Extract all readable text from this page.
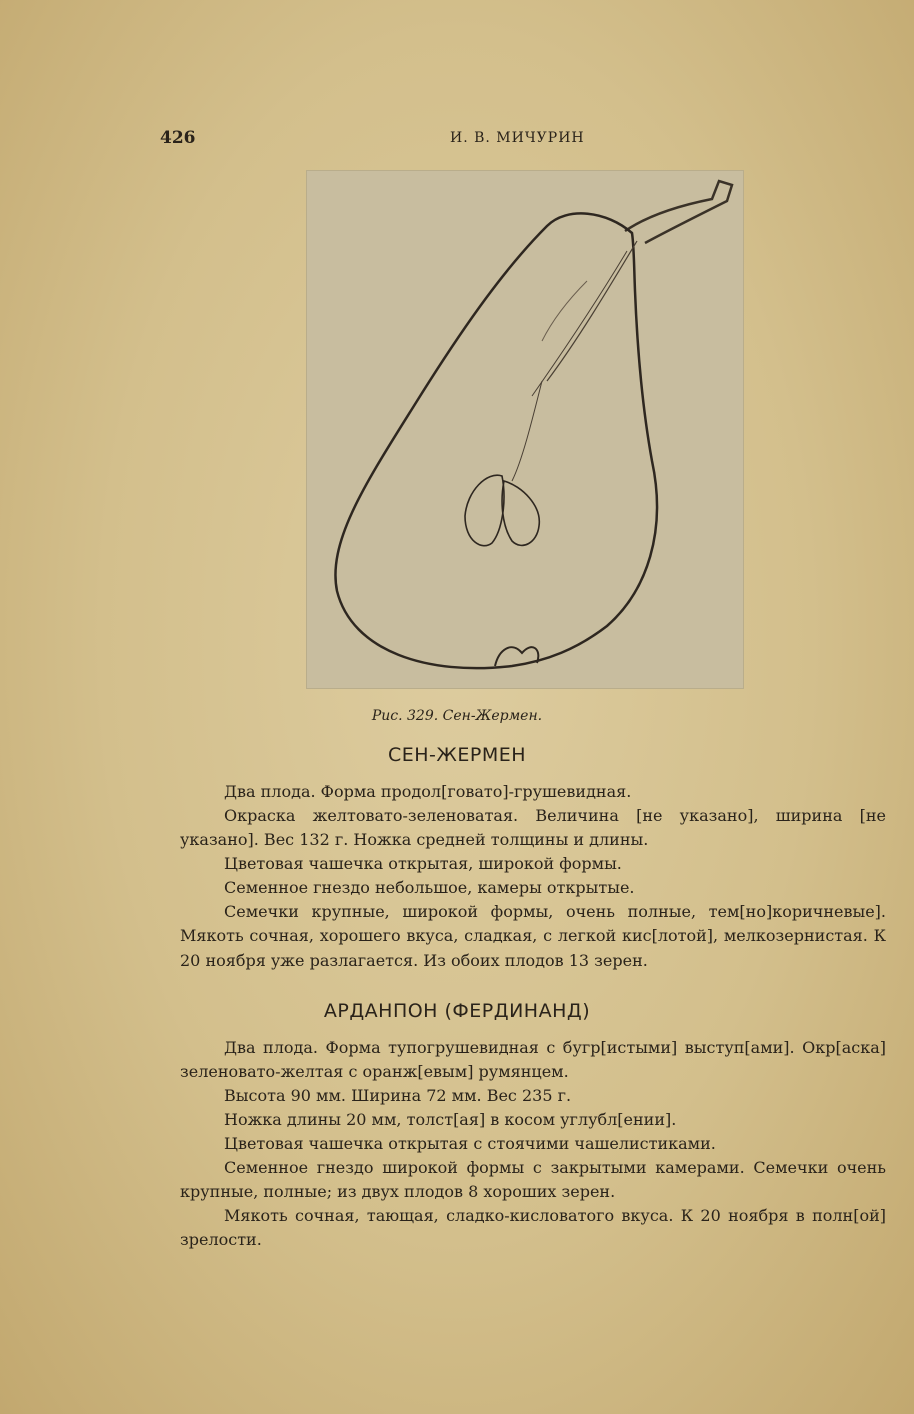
426	И. В. МИЧУРИН
Рис. 329. Сен-Жермен.
СЕН-ЖЕРМЕН

Два плода. Форма продол[говато]-грушевидная.

Окраска желтовато-зеленоватая. Величина [не указано], ширина [не указано]. Вес 132 г. Ножка средней толщины и длины.

Цветовая чашечка открытая, широкой формы.

Семенное гнездо небольшое, камеры открытые.

Семечки крупные, широкой формы, очень полные, тем[но]коричневые]. Мякоть сочная, хорошего вкуса, сладкая, с легкой кис[лотой], мелкозернистая. К 20 ноября уже разлагается. Из обоих плодов 13 зерен.

АРДАНПОН (ФЕРДИНАНД)

Два плода. Форма тупогрушевидная с бугр[истыми] выступ[ами]. Окр[аска] зеленовато-желтая с оранж[евым] румянцем.

Высота 90 мм. Ширина 72 мм. Вес 235 г.

Ножка длины 20 мм, толст[ая] в косом углубл[ении].

Цветовая чашечка открытая с стоячими чашелистиками.

Семенное гнездо широкой формы с закрытыми камерами. Семечки очень крупные, полные; из двух плодов 8 хороших зерен.

Мякоть сочная, тающая, сладко-кисловатого вкуса. К 20 ноября в полн[ой] зрелости.
